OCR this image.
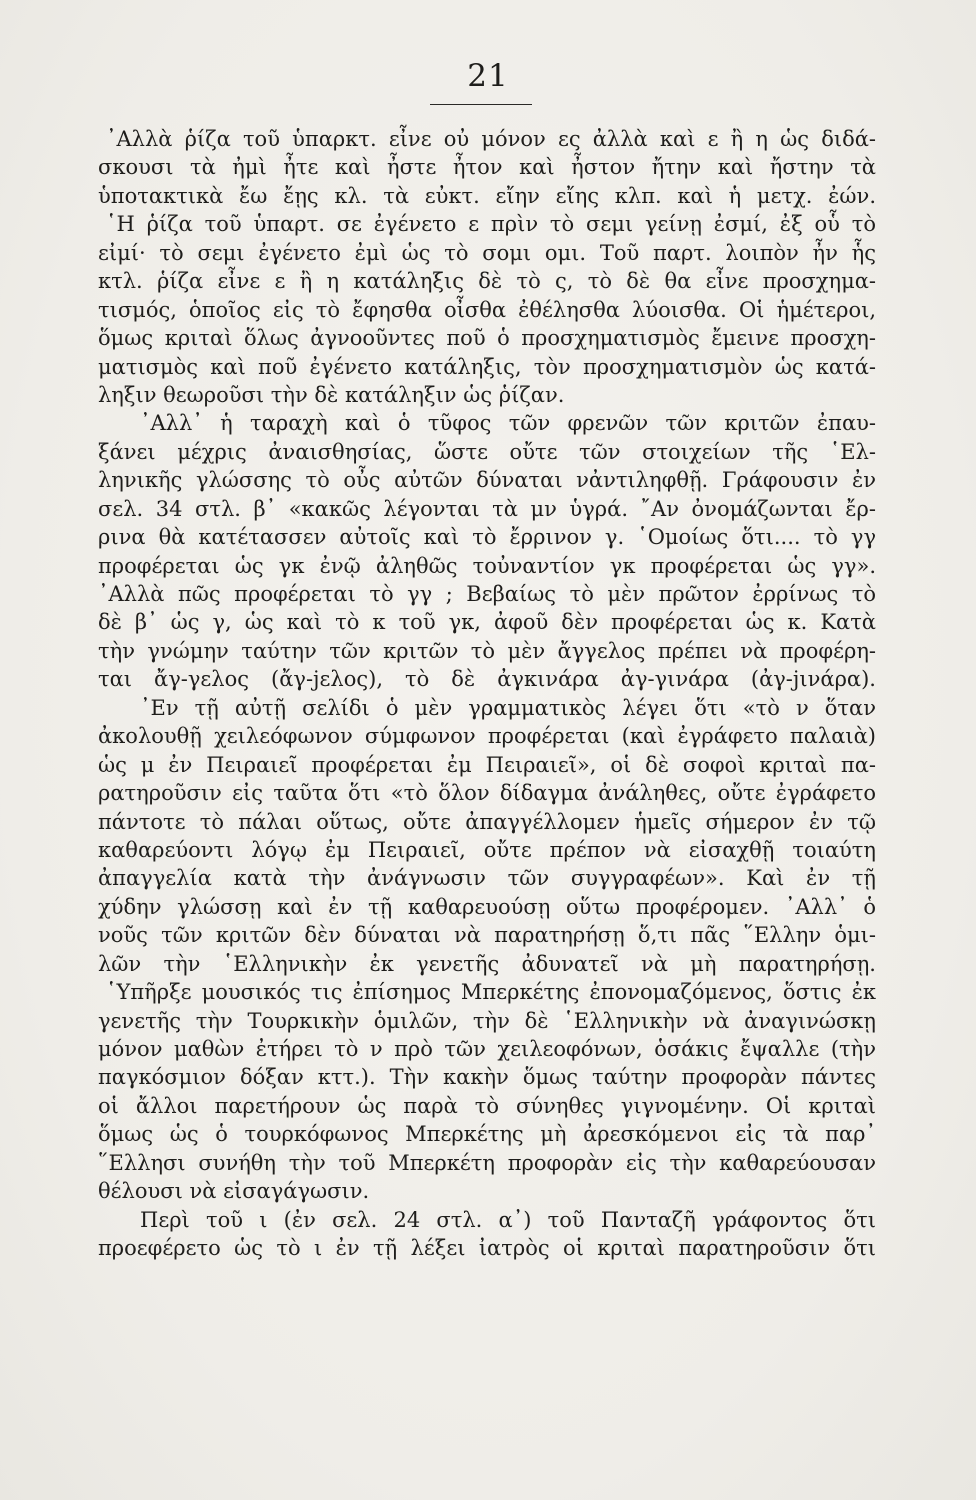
21
᾽Αλλὰ ῥίζα τοῦ ὑπαρκτ. εἶνε οὐ μόνον ες ἀλλὰ καὶ ε ἢ η ὡς διδά-
σκουσι τὰ ἠμὶ ἦτε καὶ ἦστε ἦτον καὶ ἦστον ἤτην καὶ ἤστην τὰ
ὑποτακτικὰ ἔω ἔῃς κλ. τὰ εὐκτ. εἴην εἴης κλπ. καὶ ἡ μετχ. ἐών.
῾Η ῥίζα τοῦ ὑπαρτ. σε ἐγένετο ε πρὶν τὸ σεμι γείνῃ ἐσμί, ἐξ οὗ τὸ
εἰμί· τὸ σεμι ἐγένετο ἐμὶ ὡς τὸ σομι ομι. Τοῦ παρτ. λοιπὸν ἦν ἧς
κτλ. ῥίζα εἶνε ε ἢ η κατάληξις δὲ τὸ ς, τὸ δὲ θα εἶνε προσχημα-
τισμός, ὁποῖος εἰς τὸ ἔφησθα οἶσθα ἐθέλησθα λύοισθα. Οἱ ἡμέτεροι,
ὅμως κριταὶ ὅλως ἀγνοοῦντες ποῦ ὁ προσχηματισμὸς ἔμεινε προσχη-
ματισμὸς καὶ ποῦ ἐγένετο κατάληξις, τὸν προσχηματισμὸν ὡς κατά-
ληξιν θεωροῦσι τὴν δὲ κατάληξιν ὡς ῥίζαν.
᾽Αλλ᾽ ἡ ταραχὴ καὶ ὁ τῦφος τῶν φρενῶν τῶν κριτῶν ἐπαυ-
ξάνει μέχρις ἀναισθησίας, ὥστε οὔτε τῶν στοιχείων τῆς ῾Ελ-
ληνικῆς γλώσσης τὸ οὖς αὐτῶν δύναται νἀντιληφθῇ. Γράφουσιν ἐν
σελ. 34 στλ. β᾽ «κακῶς λέγονται τὰ μν ὑγρά. ῎Αν ὀνομάζωνται ἔρ-
ρινα θὰ κατέτασσεν αὐτοῖς καὶ τὸ ἔρρινον γ. ῾Ομοίως ὅτι.... τὸ γγ
προφέρεται ὡς γκ ἐνῷ ἀληθῶς τοὐναντίον γκ προφέρεται ὡς γγ».
᾽Αλλὰ πῶς προφέρεται τὸ γγ ; Βεβαίως τὸ μὲν πρῶτον ἐρρίνως τὸ
δὲ β᾽ ὡς γ, ὡς καὶ τὸ κ τοῦ γκ, ἀφοῦ δὲν προφέρεται ὡς κ. Κατὰ
τὴν γνώμην ταύτην τῶν κριτῶν τὸ μὲν ἄγγελος πρέπει νὰ προφέρη-
ται ἄγ-γελος (ἄγ-jελος), τὸ δὲ ἀγκινάρα ἀγ-γινάρα (ἀγ-jινάρα).
᾽Εν τῇ αὐτῇ σελίδι ὁ μὲν γραμματικὸς λέγει ὅτι «τὸ ν ὅταν
ἀκολουθῇ χειλεόφωνον σύμφωνον προφέρεται (καὶ ἐγράφετο παλαιὰ)
ὡς μ ἐν Πειραιεῖ προφέρεται ἐμ Πειραιεῖ», οἱ δὲ σοφοὶ κριταὶ πα-
ρατηροῦσιν εἰς ταῦτα ὅτι «τὸ ὅλον δίδαγμα ἀνάληθες, οὔτε ἐγράφετο
πάντοτε τὸ πάλαι οὕτως, οὔτε ἀπαγγέλλομεν ἡμεῖς σήμερον ἐν τῷ
καθαρεύοντι λόγῳ ἐμ Πειραιεῖ, οὔτε πρέπον νὰ εἰσαχθῇ τοιαύτη
ἀπαγγελία κατὰ τὴν ἀνάγνωσιν τῶν συγγραφέων». Καὶ ἐν τῇ
χύδην γλώσσῃ καὶ ἐν τῇ καθαρευούσῃ οὕτω προφέρομεν. ᾽Αλλ᾽ ὁ
νοῦς τῶν κριτῶν δὲν δύναται νὰ παρατηρήσῃ ὅ,τι πᾶς ῞Ελλην ὁμι-
λῶν τὴν ῾Ελληνικὴν ἐκ γενετῆς ἀδυνατεῖ νὰ μὴ παρατηρήσῃ.
῾Υπῆρξε μουσικός τις ἐπίσημος Μπερκέτης ἐπονομαζόμενος, ὅστις ἐκ
γενετῆς τὴν Τουρκικὴν ὁμιλῶν, τὴν δὲ ῾Ελληνικὴν νὰ ἀναγινώσκῃ
μόνον μαθὼν ἐτήρει τὸ ν πρὸ τῶν χειλεοφόνων, ὁσάκις ἔψαλλε (τὴν
παγκόσμιον δόξαν κττ.). Τὴν κακὴν ὅμως ταύτην προφορὰν πάντες
οἱ ἄλλοι παρετήρουν ὡς παρὰ τὸ σύνηθες γιγνομένην. Οἱ κριταὶ
ὅμως ὡς ὁ τουρκόφωνος Μπερκέτης μὴ ἀρεσκόμενοι εἰς τὰ παρ᾽
῞Ελλησι συνήθη τὴν τοῦ Μπερκέτη προφορὰν εἰς τὴν καθαρεύουσαν
θέλουσι νὰ εἰσαγάγωσιν.
Περὶ τοῦ ι (ἐν σελ. 24 στλ. α᾽) τοῦ Πανταζῆ γράφοντος ὅτι
προεφέρετο ὡς τὸ ι ἐν τῇ λέξει ἰατρὸς οἱ κριταὶ παρατηροῦσιν ὅτι
